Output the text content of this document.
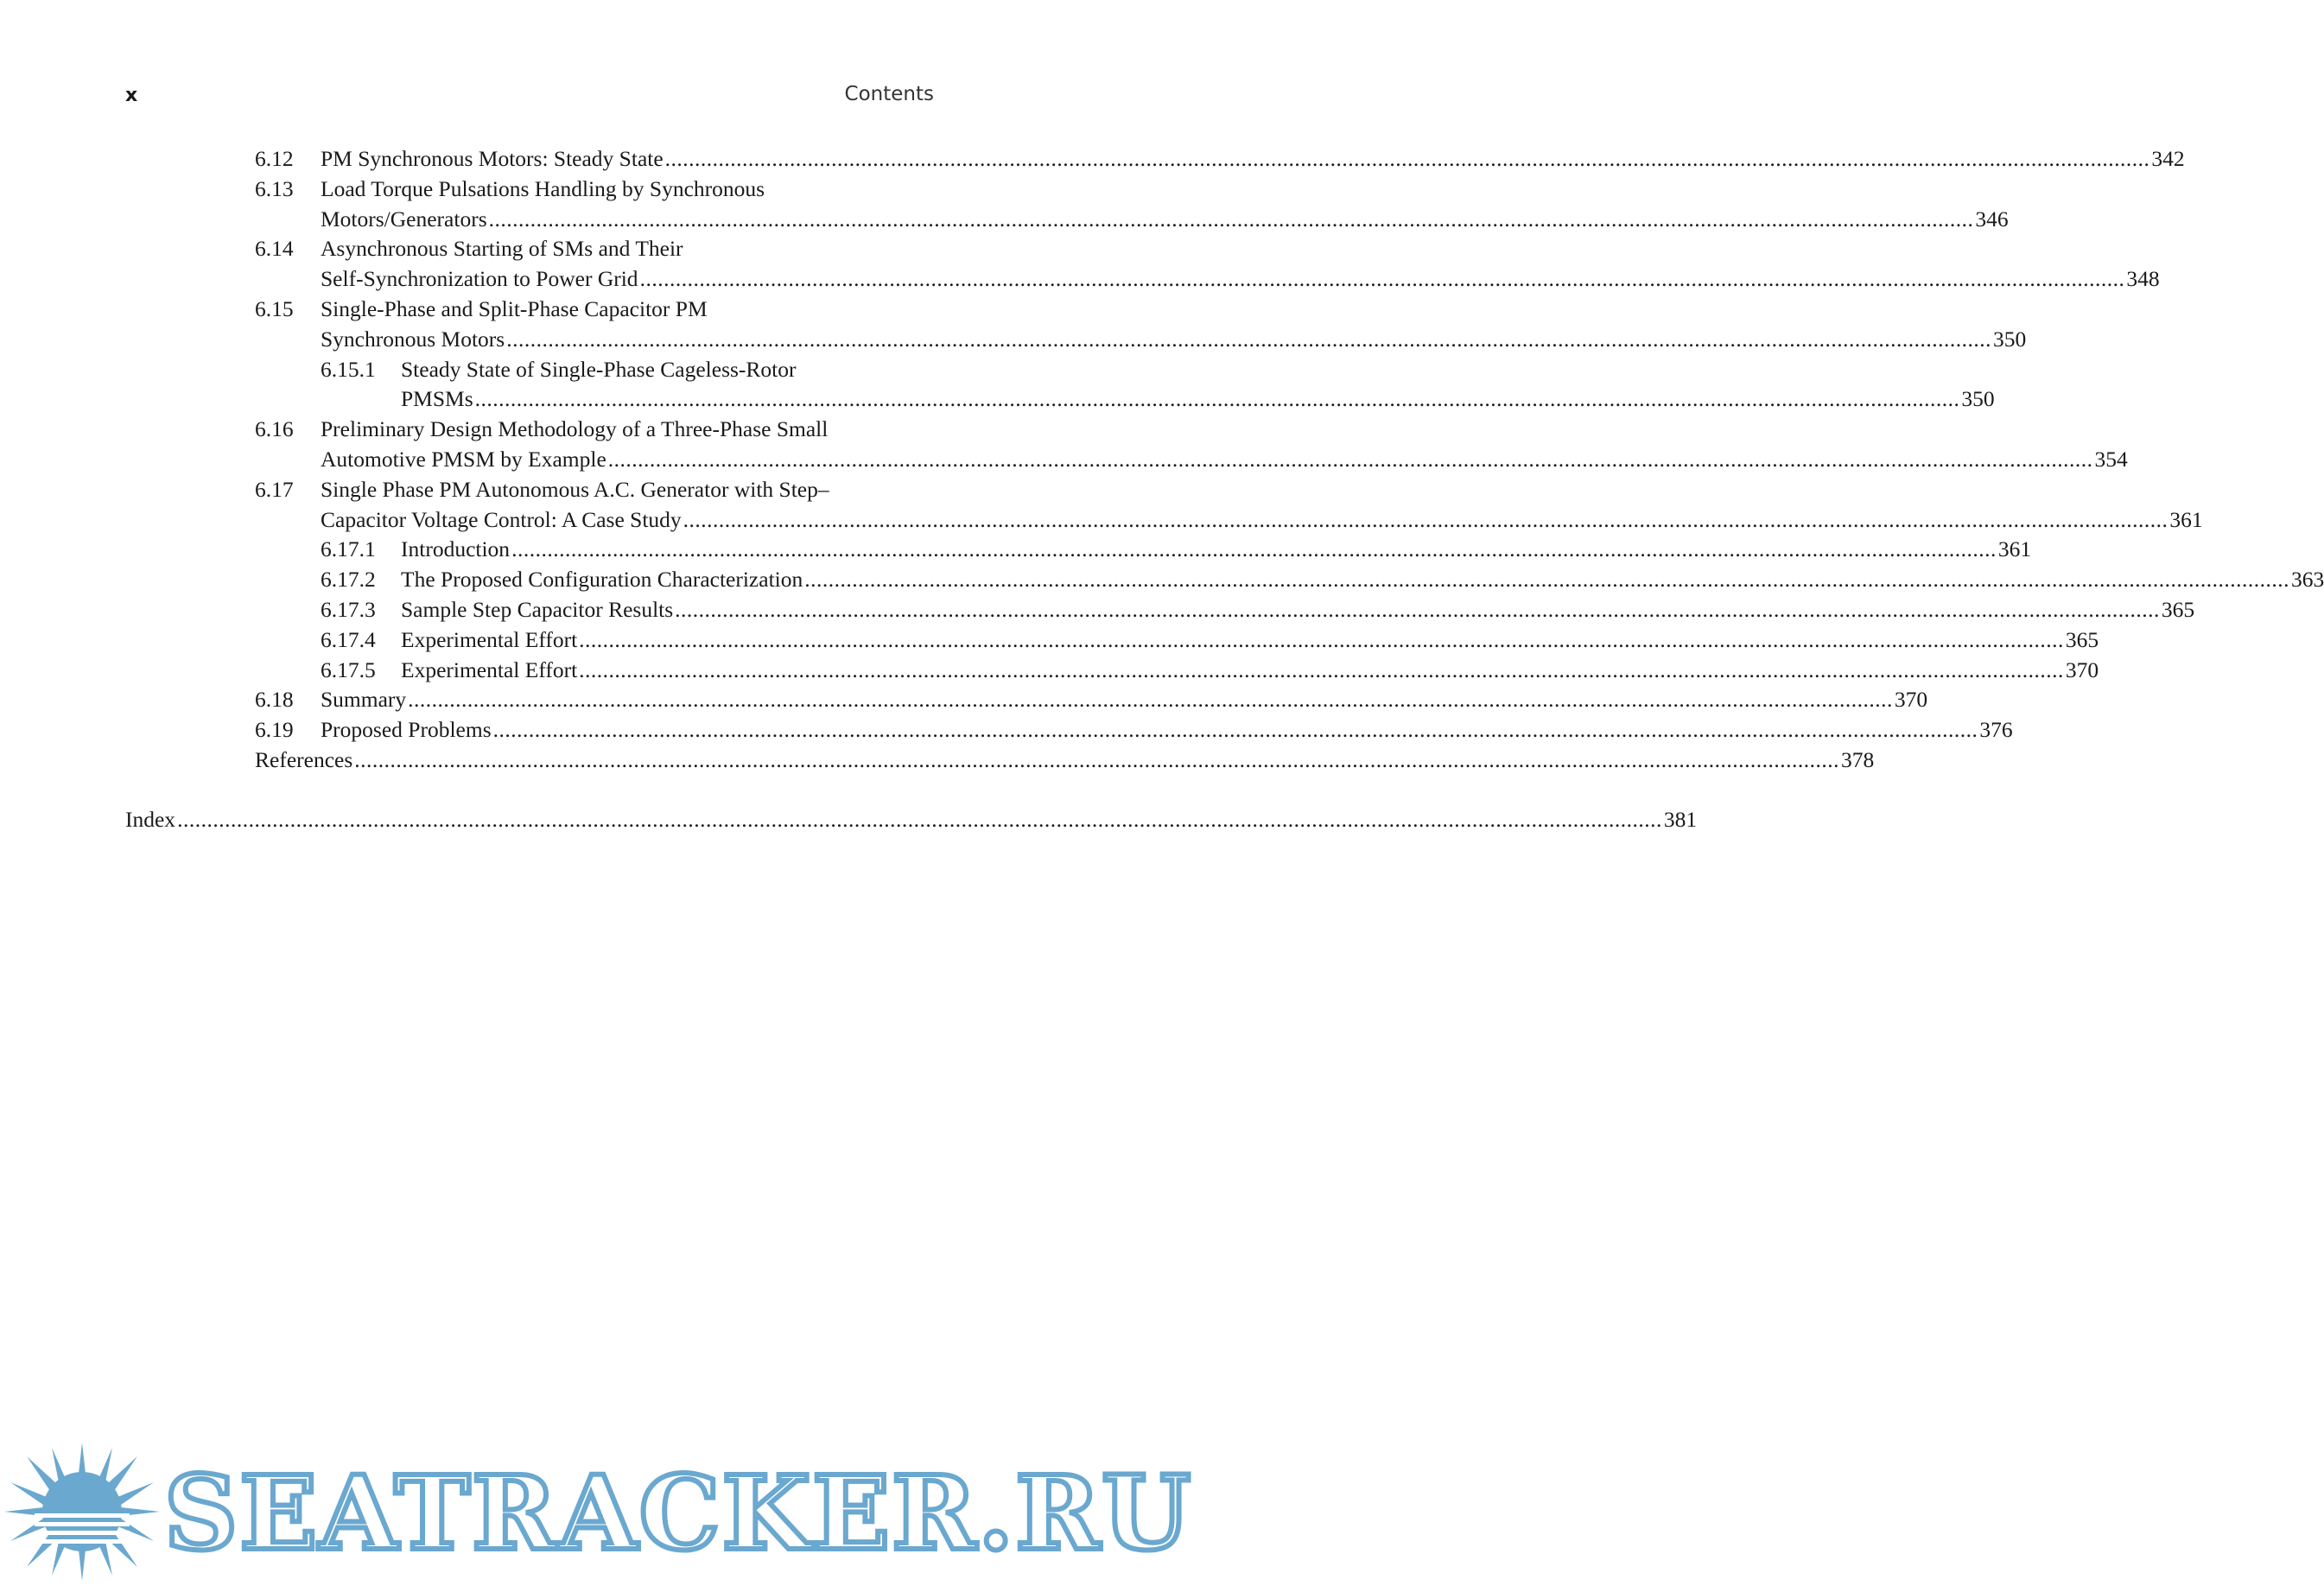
x	Contents
6.12	PM Synchronous Motors: Steady State .....	342
6.13	Load Torque Pulsations Handling by Synchronous
Motors/Generators .....	346
6.14	Asynchronous Starting of SMs and Their
Self-Synchronization to Power Grid .....	348
6.15	Single-Phase and Split-Phase Capacitor PM
Synchronous Motors .....	350
6.15.1	Steady State of Single-Phase Cageless-Rotor
PMSMs .....	350
6.16	Preliminary Design Methodology of a Three-Phase Small
Automotive PMSM by Example .....	354
6.17	Single Phase PM Autonomous A.C. Generator with Step–
Capacitor Voltage Control: A Case Study .....	361
6.17.1	Introduction .....	361
6.17.2	The Proposed Configuration Characterization .....	363
6.17.3	Sample Step Capacitor Results .....	365
6.17.4	Experimental Effort .....	365
6.17.5	Experimental Effort .....	370
6.18	Summary .....	370
6.19	Proposed Problems .....	376
References .....	378
Index .....	381
SEATRACKER.RU
